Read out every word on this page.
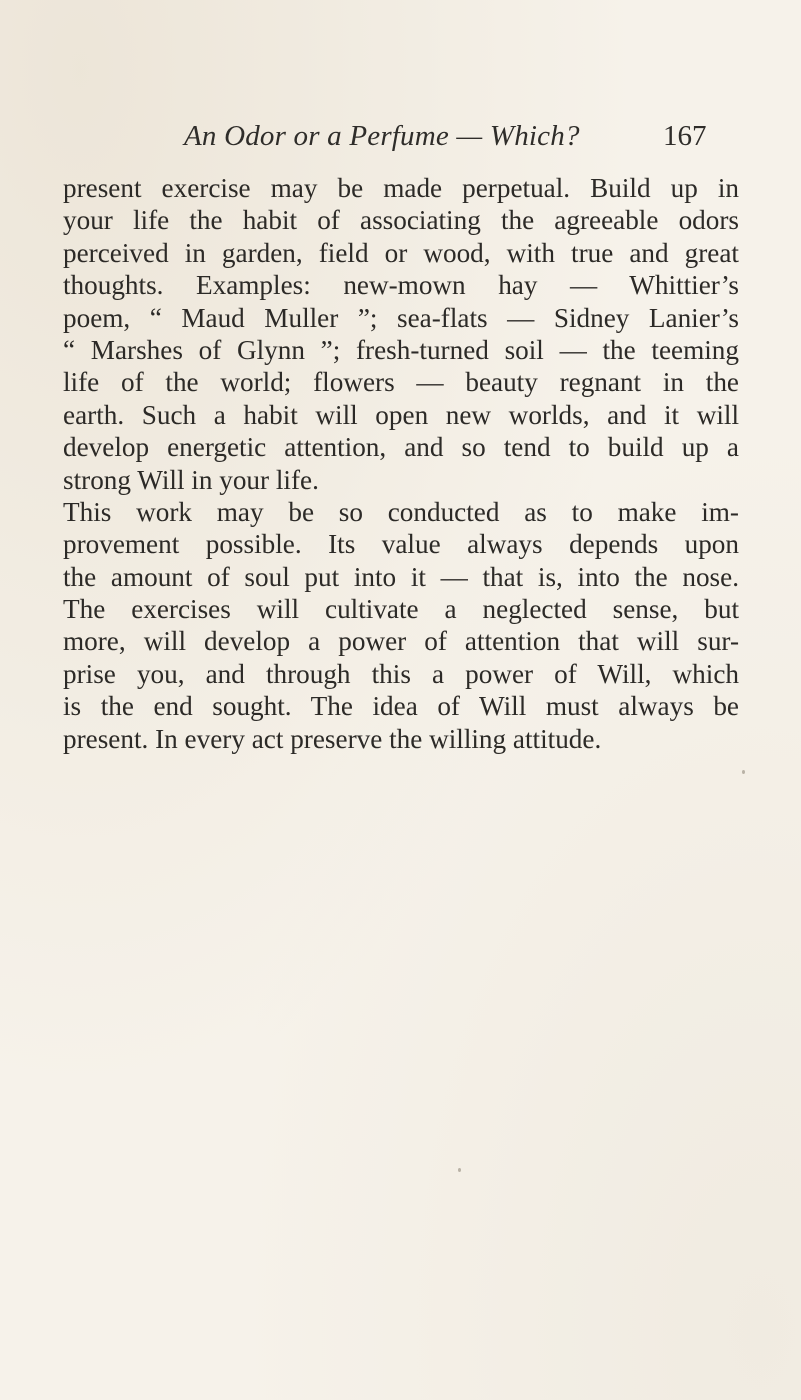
An Odor or a Perfume — Which?	167
present exercise may be made perpetual. Build up in
your life the habit of associating the agreeable odors
perceived in garden, field or wood, with true and great
thoughts. Examples: new-mown hay — Whittier’s
poem, “ Maud Muller ”; sea-flats — Sidney Lanier’s
“ Marshes of Glynn ”; fresh-turned soil — the teeming
life of the world; flowers — beauty regnant in the
earth. Such a habit will open new worlds, and it will
develop energetic attention, and so tend to build up a
strong Will in your life.
This work may be so conducted as to make im-
provement possible. Its value always depends upon
the amount of soul put into it — that is, into the nose.
The exercises will cultivate a neglected sense, but
more, will develop a power of attention that will sur-
prise you, and through this a power of Will, which
is the end sought. The idea of Will must always be
present. In every act preserve the willing attitude.
